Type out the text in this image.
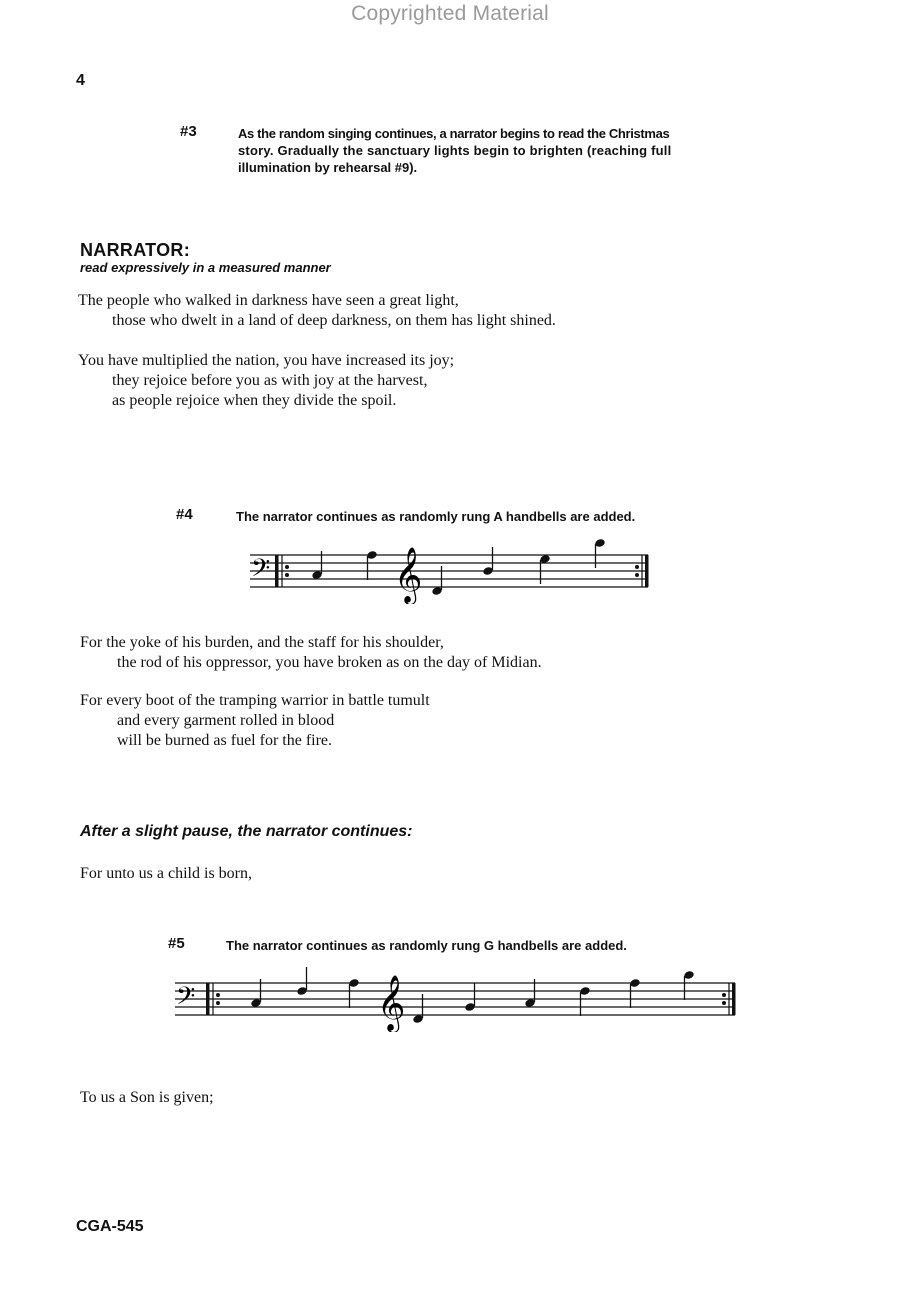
Copyrighted Material
4
#3	As the random singing continues, a narrator begins to read the Christmas
story. Gradually the sanctuary lights begin to brighten (reaching full
illumination by rehearsal #9).
NARRATOR:
read expressively in a measured manner
The people who walked in darkness have seen a great light,
those who dwelt in a land of deep darkness, on them has light shined.
You have multiplied the nation, you have increased its joy;
they rejoice before you as with joy at the harvest,
as people rejoice when they divide the spoil.
#4	The narrator continues as randomly rung A handbells are added.
𝄢	𝄞
For the yoke of his burden, and the staff for his shoulder,
the rod of his oppressor, you have broken as on the day of Midian.
For every boot of the tramping warrior in battle tumult
and every garment rolled in blood
will be burned as fuel for the fire.
After a slight pause, the narrator continues:
For unto us a child is born,
#5	The narrator continues as randomly rung G handbells are added.
𝄢	𝄞
To us a Son is given;
CGA-545
